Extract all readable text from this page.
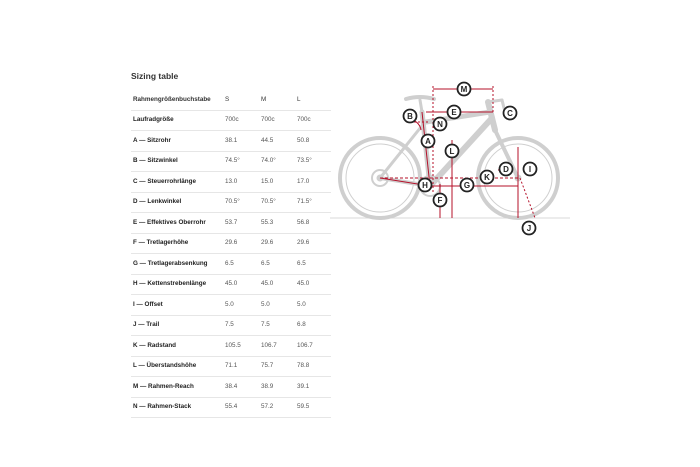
Sizing table
Rahmengrößenbuchstabe	S	M	L
Laufradgröße	700c	700c	700c
A — Sitzrohr	38.1	44.5	50.8
B — Sitzwinkel	74.5°	74.0°	73.5°
C — Steuerrohrlänge	13.0	15.0	17.0
D — Lenkwinkel	70.5°	70.5°	71.5°
E — Effektives Oberrohr	53.7	55.3	56.8
F — Tretlagerhöhe	29.6	29.6	29.6
G — Tretlagerabsenkung	6.5	6.5	6.5
H — Kettenstrebenlänge	45.0	45.0	45.0
I — Offset	5.0	5.0	5.0
J — Trail	7.5	7.5	6.8
K — Radstand	105.5	106.7	106.7
L — Überstandshöhe	71.1	75.7	78.8
M — Rahmen-Reach	38.4	38.9	39.1
N — Rahmen-Stack	55.4	57.2	59.5
M
E	C
B
N
A
L
D I
K
H	G
F
J
